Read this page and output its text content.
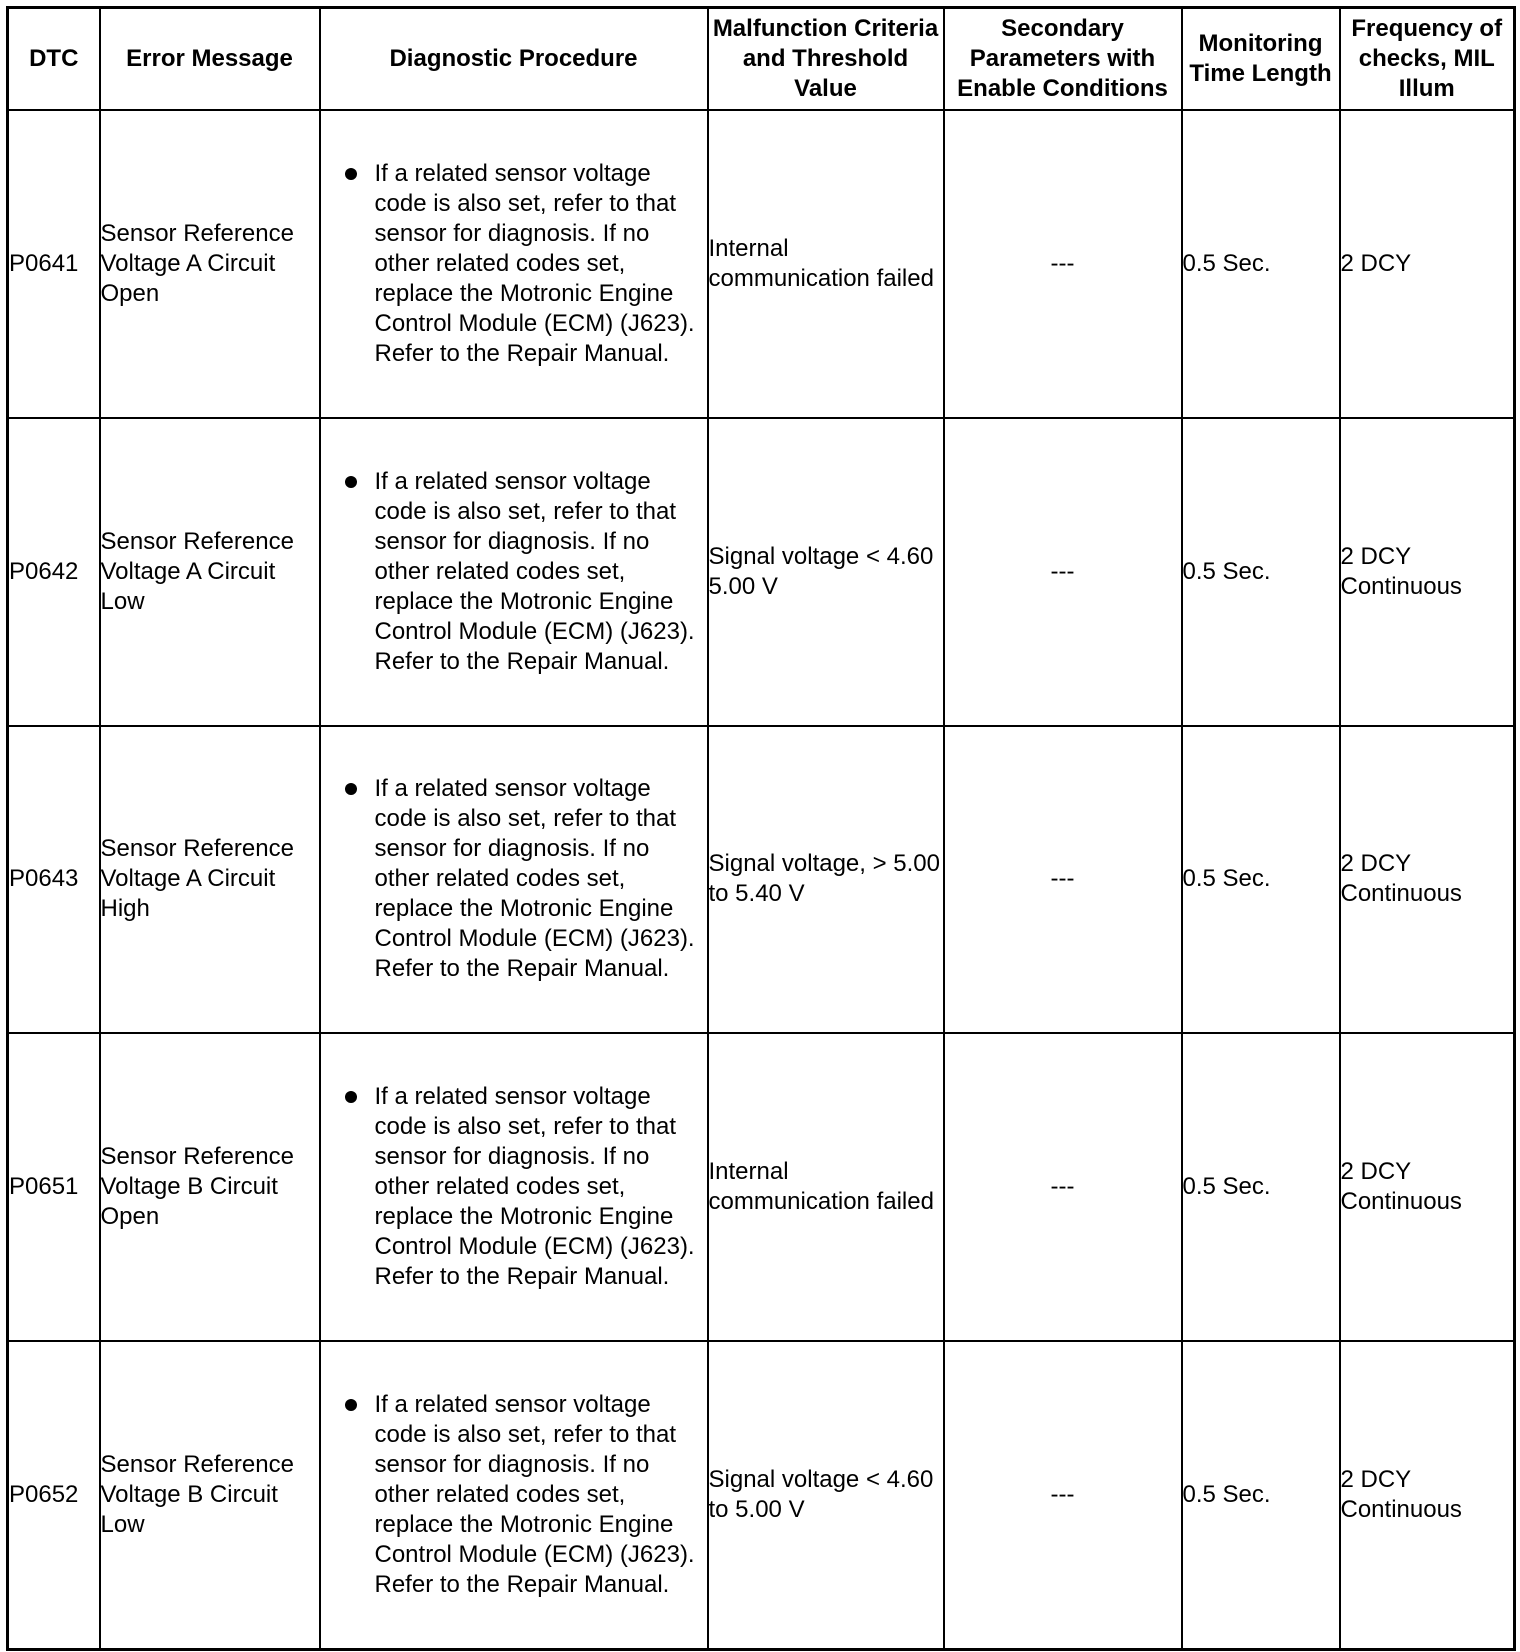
DTC	Error Message	Diagnostic Procedure	Malfunction Criteria and Threshold Value	Secondary Parameters with Enable Conditions	Monitoring Time Length	Frequency of checks, MIL Illum
P0641	Sensor Reference Voltage A Circuit Open	If a related sensor voltage code is also set, refer to that sensor for diagnosis. If no other related codes set, replace the Motronic Engine Control Module (ECM) (J623). Refer to the Repair Manual.	Internal communication failed	---	0.5 Sec.	2 DCY
P0642	Sensor Reference Voltage A Circuit Low	If a related sensor voltage code is also set, refer to that sensor for diagnosis. If no other related codes set, replace the Motronic Engine Control Module (ECM) (J623). Refer to the Repair Manual.	Signal voltage < 4.60 5.00 V	---	0.5 Sec.	2 DCY Continuous
P0643	Sensor Reference Voltage A Circuit High	If a related sensor voltage code is also set, refer to that sensor for diagnosis. If no other related codes set, replace the Motronic Engine Control Module (ECM) (J623). Refer to the Repair Manual.	Signal voltage, > 5.00 to 5.40 V	---	0.5 Sec.	2 DCY Continuous
P0651	Sensor Reference Voltage B Circuit Open	If a related sensor voltage code is also set, refer to that sensor for diagnosis. If no other related codes set, replace the Motronic Engine Control Module (ECM) (J623). Refer to the Repair Manual.	Internal communication failed	---	0.5 Sec.	2 DCY Continuous
P0652	Sensor Reference Voltage B Circuit Low	If a related sensor voltage code is also set, refer to that sensor for diagnosis. If no other related codes set, replace the Motronic Engine Control Module (ECM) (J623). Refer to the Repair Manual.	Signal voltage < 4.60 to 5.00 V	---	0.5 Sec.	2 DCY Continuous
